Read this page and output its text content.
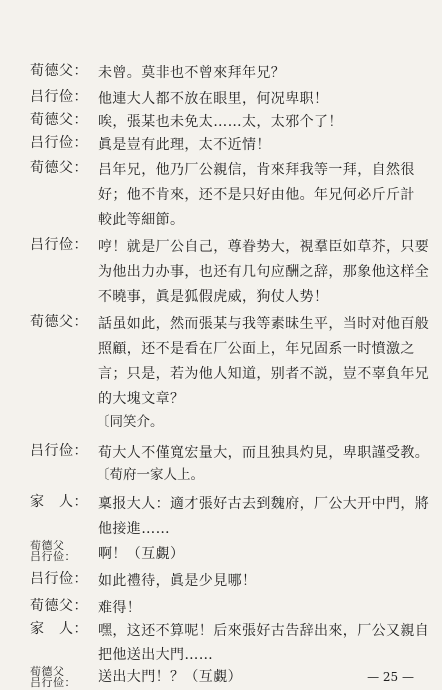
荀德父： 未曾。莫非也不曾來拜年兄？
吕行俭： 他連大人都不放在眼里，何况卑职！
荀德父： 唉，張某也未免太……太，太邪个了！
吕行俭： 眞是豈有此理，太不近情！
荀德父： 吕年兄，他乃厂公親信，肯來拜我等一拜，自然很
好；他不肯來，还不是只好由他。年兄何必斤斤計
較此等細節。
吕行俭： 哼！就是厂公自己，尊眷势大，視羣臣如草芥，只要
为他出力办事，也还有几句应酬之辞，那象他这样全
不曉事，眞是狐假虎威，狗仗人势！
荀德父： 話虽如此，然而張某与我等素昧生平，当时对他百般
照顧，还不是看在厂公面上，年兄固系一时憤激之
言；只是，若为他人知道，别者不説，豈不辜負年兄
的大塊文章？
〔同笑介。
吕行俭： 荀大人不僅寬宏量大，而且独具灼見，卑职謹受教。
〔荀府一家人上。
家　人： 稟报大人：適才張好古去到魏府，厂公大开中門，將
他接進……
荀德父
吕行俭：	啊！（互覷）
吕行俭： 如此禮待，眞是少見哪！
荀德父： 难得！
家　人： 嘿，这还不算呢！后來張好古告辞出來，厂公又親自
把他送出大門……
荀德父
吕行俭：	送出大門！？（互覷）	— 25 —
